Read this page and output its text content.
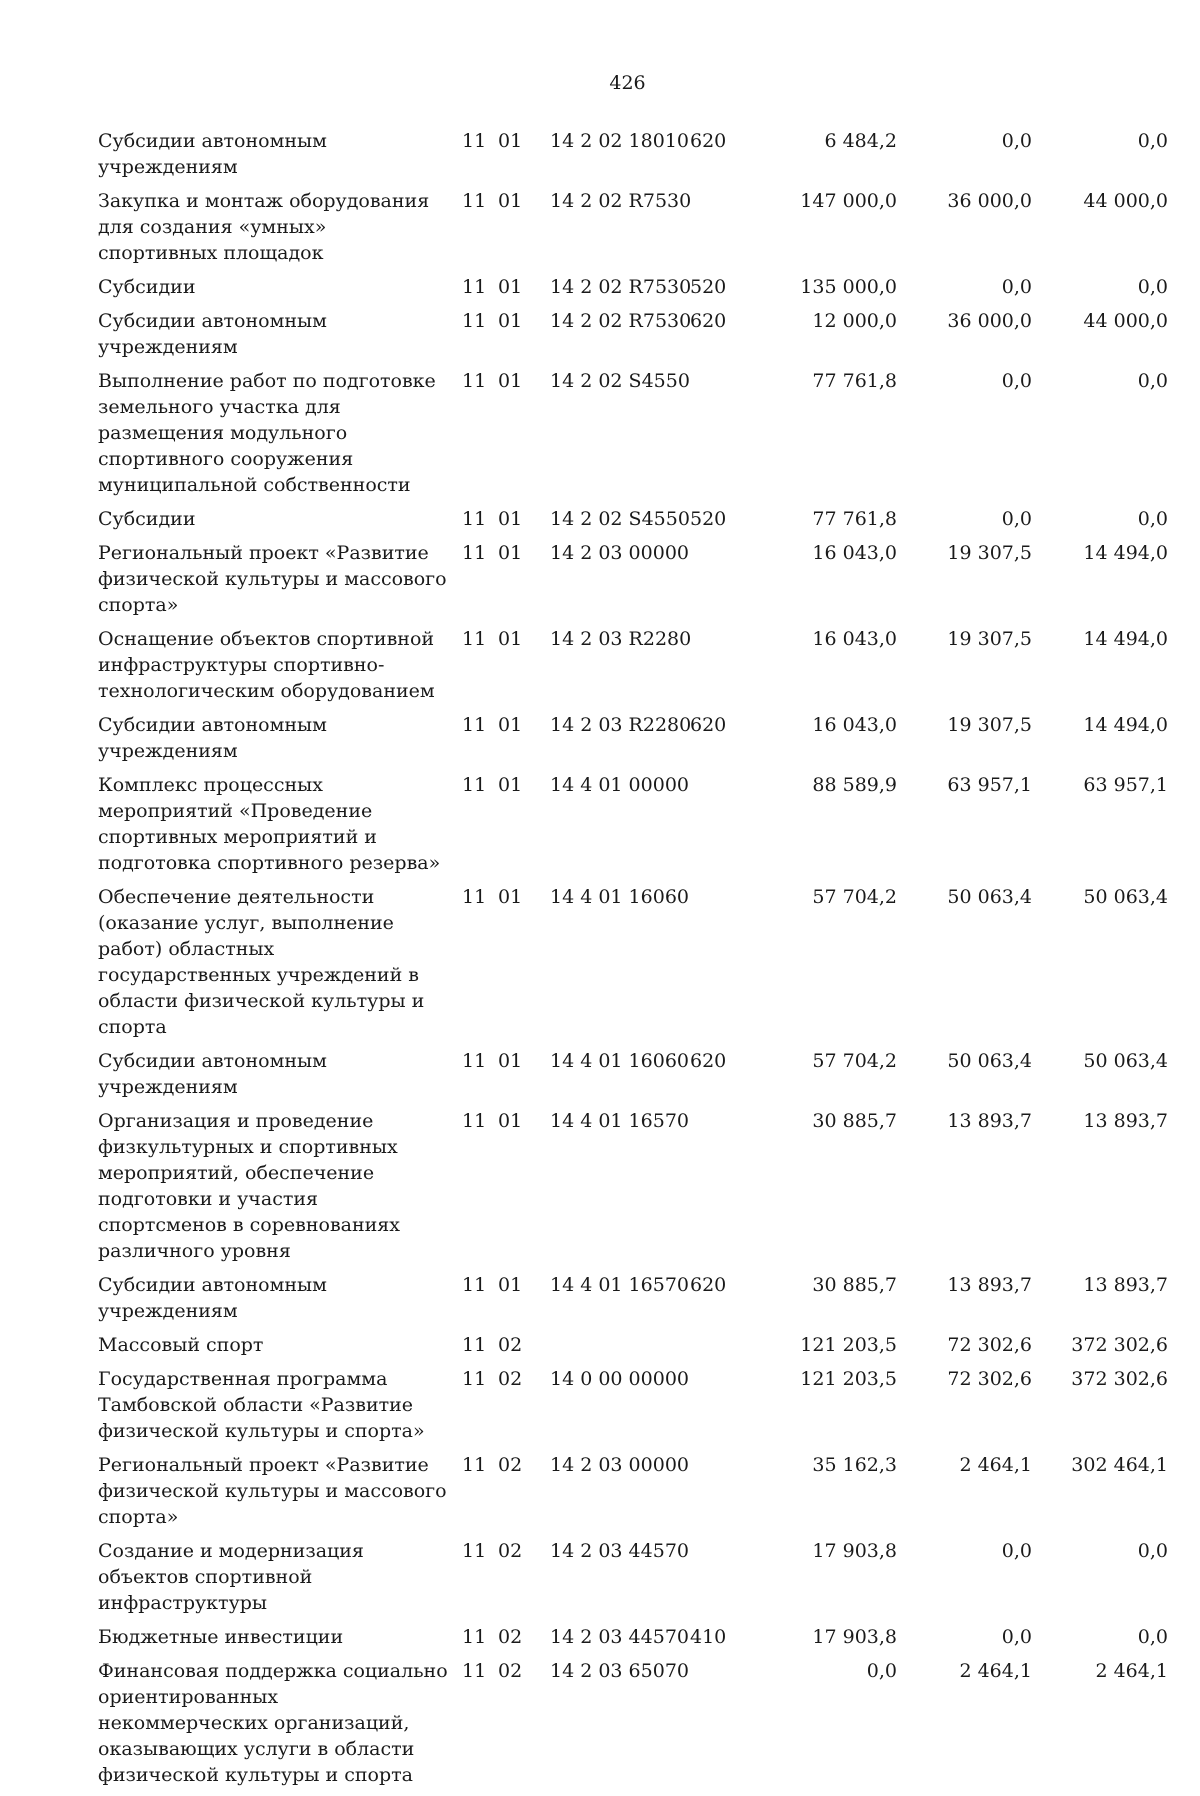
426
Субсидии автономным учреждениям	11	01	14 2 02 18010	620	6 484,2	0,0	0,0
Закупка и монтаж оборудования для создания «умных» спортивных площадок	11	01	14 2 02 R7530		147 000,0	36 000,0	44 000,0
Субсидии	11	01	14 2 02 R7530	520	135 000,0	0,0	0,0
Субсидии автономным учреждениям	11	01	14 2 02 R7530	620	12 000,0	36 000,0	44 000,0
Выполнение работ по подготовке земельного участка для размещения модульного спортивного сооружения муниципальной собственности	11	01	14 2 02 S4550		77 761,8	0,0	0,0
Субсидии	11	01	14 2 02 S4550	520	77 761,8	0,0	0,0
Региональный проект «Развитие физической культуры и массового спорта»	11	01	14 2 03 00000		16 043,0	19 307,5	14 494,0
Оснащение объектов спортивной инфраструктуры спортивно-технологическим оборудованием	11	01	14 2 03 R2280		16 043,0	19 307,5	14 494,0
Субсидии автономным учреждениям	11	01	14 2 03 R2280	620	16 043,0	19 307,5	14 494,0
Комплекс процессных мероприятий «Проведение спортивных мероприятий и подготовка спортивного резерва»	11	01	14 4 01 00000		88 589,9	63 957,1	63 957,1
Обеспечение деятельности (оказание услуг, выполнение работ) областных государственных учреждений в области физической культуры и спорта	11	01	14 4 01 16060		57 704,2	50 063,4	50 063,4
Субсидии автономным учреждениям	11	01	14 4 01 16060	620	57 704,2	50 063,4	50 063,4
Организация и проведение физкультурных и спортивных мероприятий, обеспечение подготовки и участия спортсменов в соревнованиях различного уровня	11	01	14 4 01 16570		30 885,7	13 893,7	13 893,7
Субсидии автономным учреждениям	11	01	14 4 01 16570	620	30 885,7	13 893,7	13 893,7
Массовый спорт	11	02			121 203,5	72 302,6	372 302,6
Государственная программа Тамбовской области «Развитие физической культуры и спорта»	11	02	14 0 00 00000		121 203,5	72 302,6	372 302,6
Региональный проект «Развитие физической культуры и массового спорта»	11	02	14 2 03 00000		35 162,3	2 464,1	302 464,1
Создание и модернизация объектов спортивной инфраструктуры	11	02	14 2 03 44570		17 903,8	0,0	0,0
Бюджетные инвестиции	11	02	14 2 03 44570	410	17 903,8	0,0	0,0
Финансовая поддержка социально ориентированных некоммерческих организаций, оказывающих услуги в области физической культуры и спорта	11	02	14 2 03 65070		0,0	2 464,1	2 464,1
